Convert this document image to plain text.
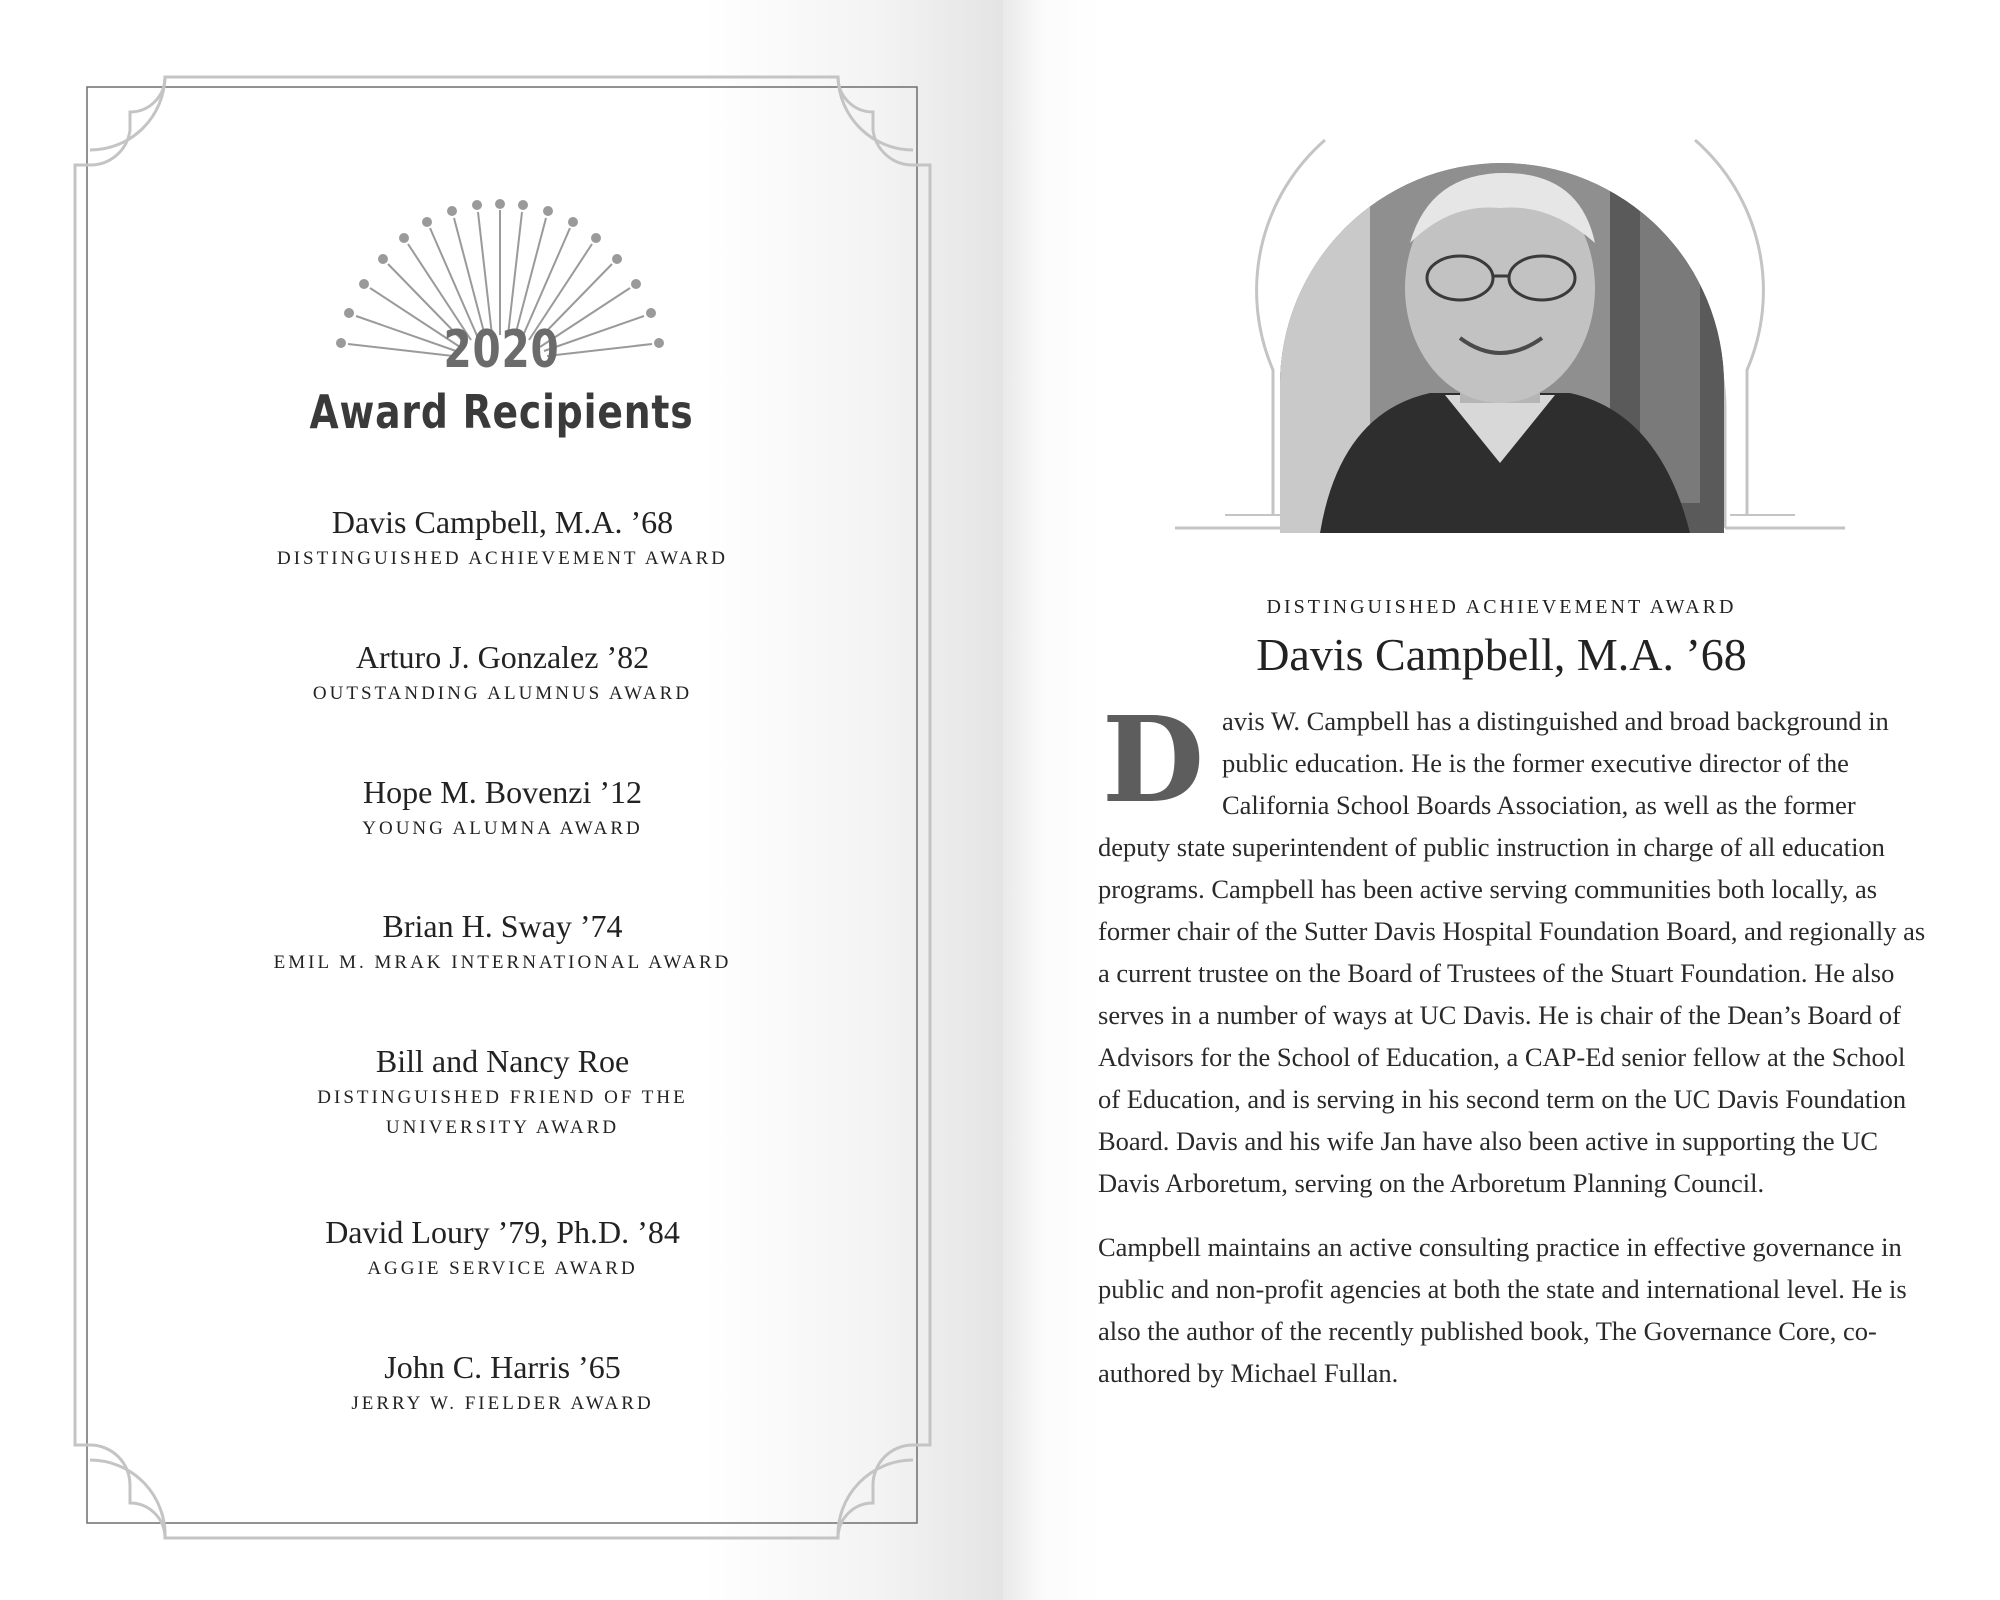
2020
Award Recipients
Davis Campbell, M.A. ’68
DISTINGUISHED ACHIEVEMENT AWARD
Arturo J. Gonzalez ’82
OUTSTANDING ALUMNUS AWARD
Hope M. Bovenzi ’12
YOUNG ALUMNA AWARD
Brian H. Sway ’74
EMIL M. MRAK INTERNATIONAL AWARD
Bill and Nancy Roe
DISTINGUISHED FRIEND OF THE
UNIVERSITY AWARD
David Loury ’79, Ph.D. ’84
AGGIE SERVICE AWARD
John C. Harris ’65
JERRY W. FIELDER AWARD
DISTINGUISHED ACHIEVEMENT AWARD
Davis Campbell, M.A. ’68

D avis W. Campbell has a distinguished and broad background in public education. He is the former executive director of the California School Boards Association, as well as the former deputy state superintendent of public instruction in charge of all education programs. Campbell has been active serving communities both locally, as former chair of the Sutter Davis Hospital Foundation Board, and regionally as a current trustee on the Board of Trustees of the Stuart Foundation. He also serves in a number of ways at UC Davis. He is chair of the Dean’s Board of Advisors for the School of Education, a CAP-Ed senior fellow at the School of Education, and is serving in his second term on the UC Davis Foundation Board. Davis and his wife Jan have also been active in supporting the UC Davis Arboretum, serving on the Arboretum Planning Council.

Campbell maintains an active consulting practice in effective governance in public and non-profit agencies at both the state and international level. He is also the author of the recently published book, The Governance Core, co-authored by Michael Fullan.
